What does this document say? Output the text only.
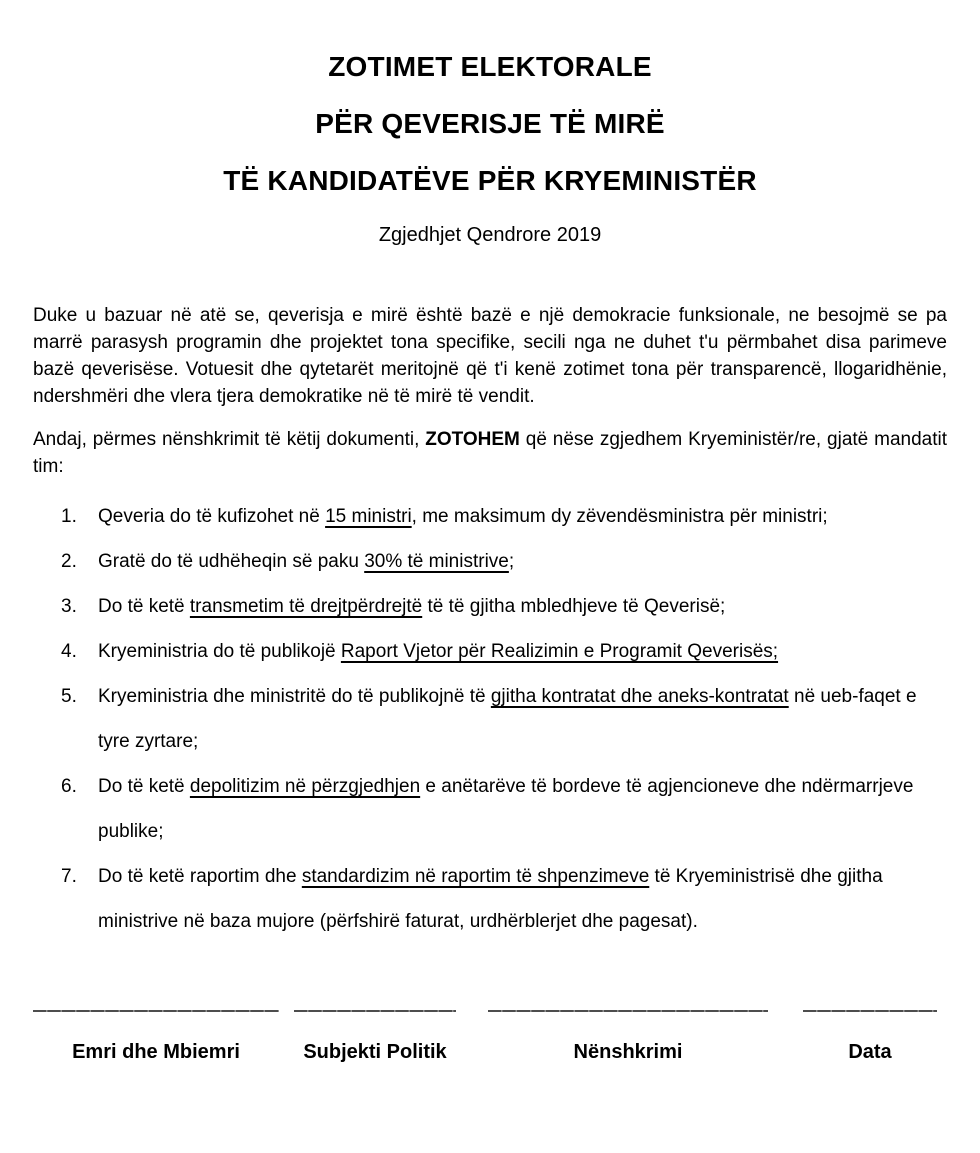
ZOTIMET ELEKTORALE
PËR QEVERISJE TË MIRË
TË KANDIDATËVE PËR KRYEMINISTËR

Zgjedhjet Qendrore 2019

Duke u bazuar në atë se, qeverisja e mirë është bazë e një demokracie funksionale, ne besojmë se pa marrë parasysh programin dhe projektet tona specifike, secili nga ne duhet t'u përmbahet disa parimeve bazë qeverisëse. Votuesit dhe qytetarët meritojnë që t'i kenë zotimet tona për transparencë, llogaridhënie, ndershmëri dhe vlera tjera demokratike në të mirë të vendit.

Andaj, përmes nënshkrimit të këtij dokumenti, ZOTOHEM që nëse zgjedhem Kryeministër/re, gjatë mandatit tim:

1. Qeveria do të kufizohet në 15 ministri, me maksimum dy zëvendësministra për ministri;
2. Gratë do të udhëheqin së paku 30% të ministrive;
3. Do të ketë transmetim të drejtpërdrejtë të të gjitha mbledhjeve të Qeverisë;
4. Kryeministria do të publikojë Raport Vjetor për Realizimin e Programit Qeverisës;
5. Kryeministria dhe ministritë do të publikojnë të gjitha kontratat dhe aneks-kontratat në ueb-faqet e tyre zyrtare;
6. Do të ketë depolitizim në përzgjedhjen e anëtarëve të bordeve të agjencioneve dhe ndërmarrjeve publike;
7. Do të ketë raportim dhe standardizim në raportim të shpenzimeve të Kryeministrisë dhe gjitha ministrive në baza mujore (përfshirë faturat, urdhërblerjet dhe pagesat).
Emri dhe Mbiemri	Subjekti Politik	Nënshkrimi	Data
